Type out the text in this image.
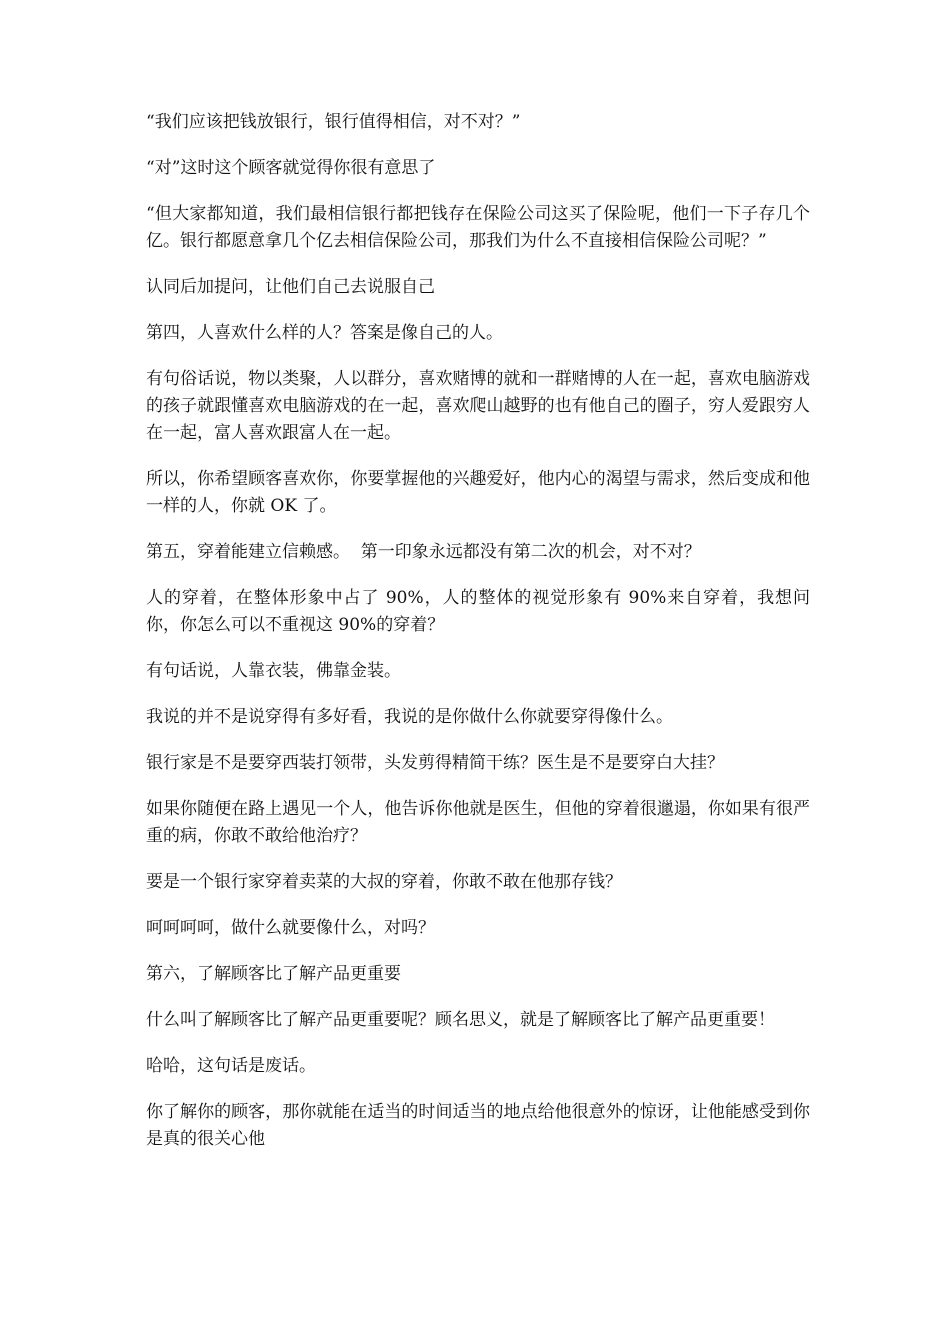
“我们应该把钱放银行，银行值得相信，对不对？”

“对”这时这个顾客就觉得你很有意思了

“但大家都知道，我们最相信银行都把钱存在保险公司这买了保险呢，他们一下子存几个亿。银行都愿意拿几个亿去相信保险公司，那我们为什么不直接相信保险公司呢？”

认同后加提问，让他们自己去说服自己

第四，人喜欢什么样的人？答案是像自己的人。

有句俗话说，物以类聚，人以群分，喜欢赌博的就和一群赌博的人在一起，喜欢电脑游戏的孩子就跟懂喜欢电脑游戏的在一起，喜欢爬山越野的也有他自己的圈子，穷人爱跟穷人在一起，富人喜欢跟富人在一起。

所以，你希望顾客喜欢你，你要掌握他的兴趣爱好，他内心的渴望与需求，然后变成和他一样的人，你就 OK 了。

第五，穿着能建立信赖感。  第一印象永远都没有第二次的机会，对不对？

人的穿着，在整体形象中占了 90%，人的整体的视觉形象有 90%来自穿着，我想问你，你怎么可以不重视这 90%的穿着？

有句话说，人靠衣装，佛靠金装。

我说的并不是说穿得有多好看，我说的是你做什么你就要穿得像什么。

银行家是不是要穿西装打领带，头发剪得精简干练？医生是不是要穿白大挂？

如果你随便在路上遇见一个人，他告诉你他就是医生，但他的穿着很邋遢，你如果有很严重的病，你敢不敢给他治疗？

要是一个银行家穿着卖菜的大叔的穿着，你敢不敢在他那存钱？

呵呵呵呵，做什么就要像什么，对吗？

第六，了解顾客比了解产品更重要

什么叫了解顾客比了解产品更重要呢？顾名思义，就是了解顾客比了解产品更重要！

哈哈，这句话是废话。

你了解你的顾客，那你就能在适当的时间适当的地点给他很意外的惊讶，让他能感受到你是真的很关心他
